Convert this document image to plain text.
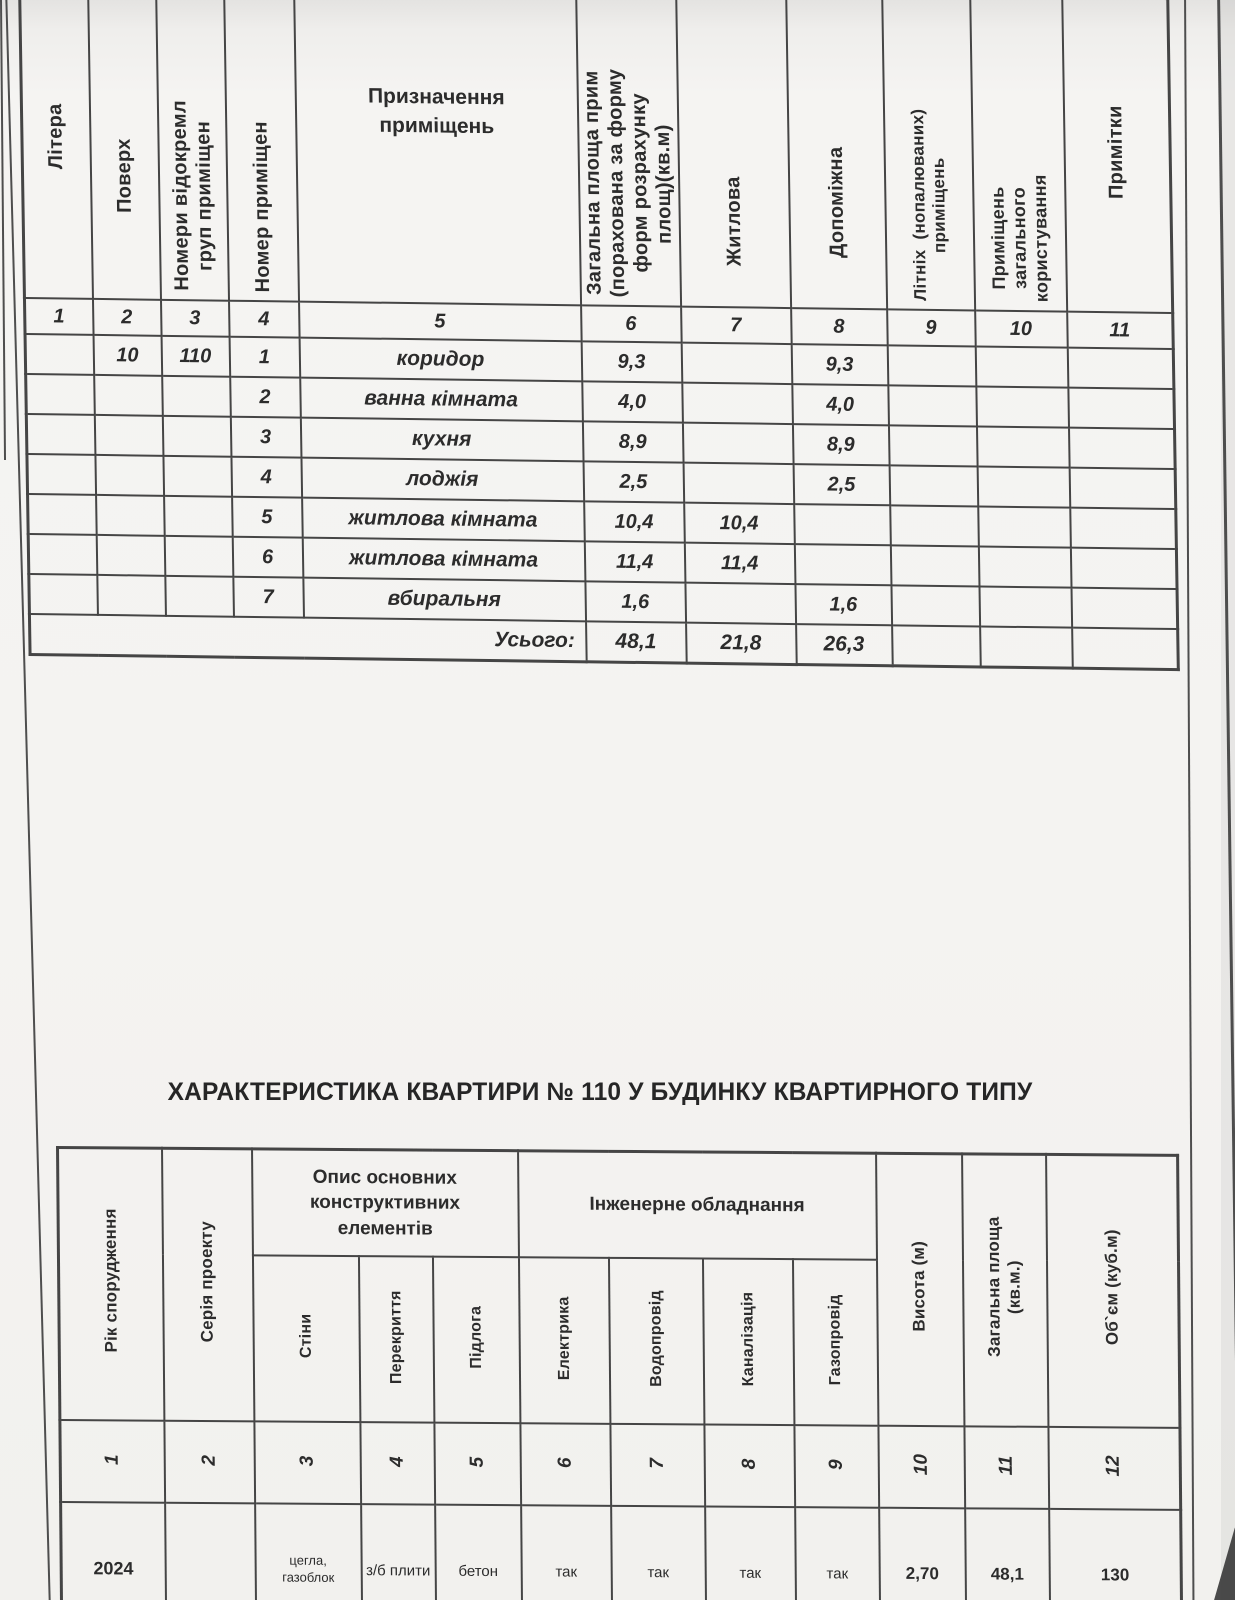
Літера	Поверх	Номери відокремл
груп приміщен	Номер приміщен	Призначення
приміщень	Загальна площа прим
(порахована за форму
форм розрахунку
площ)(кв.м)	Житлова	Допоміжна	Літніх  (нопалюваних)
приміщень	Приміщень
загального
користування	Примітки

1	2	3	4	5	6	7	8	9	10	11
	10	110	1	коридор	9,3		9,3			
			2	ванна кімната	4,0		4,0			
			3	кухня	8,9		8,9			
			4	лоджія	2,5		2,5			
			5	житлова кімната	10,4	10,4				
			6	житлова кімната	11,4	11,4				
			7	вбиральня	1,6		1,6			
Усього:					48,1	21,8	26,3			
ХАРАКТЕРИСТИКА КВАРТИРИ № 110 У БУДИНКУ КВАРТИРНОГО ТИПУ
Рік спорудження	Серія проекту	Опис основних
конструктивних
елементів			Інженерне обладнання				Висота (м)	Загальна площа
(кв.м.)	Об`єм (куб.м)
		Стіни	Перекриття	Підлога	Електрика	Водопровід	Каналізація	Газопровід			
1	2	3	4	5	6	7	8	9	10	11	12
2024		цегла,
газоблок	з/б плити	бетон	так	так	так	так	2,70	48,1	130
